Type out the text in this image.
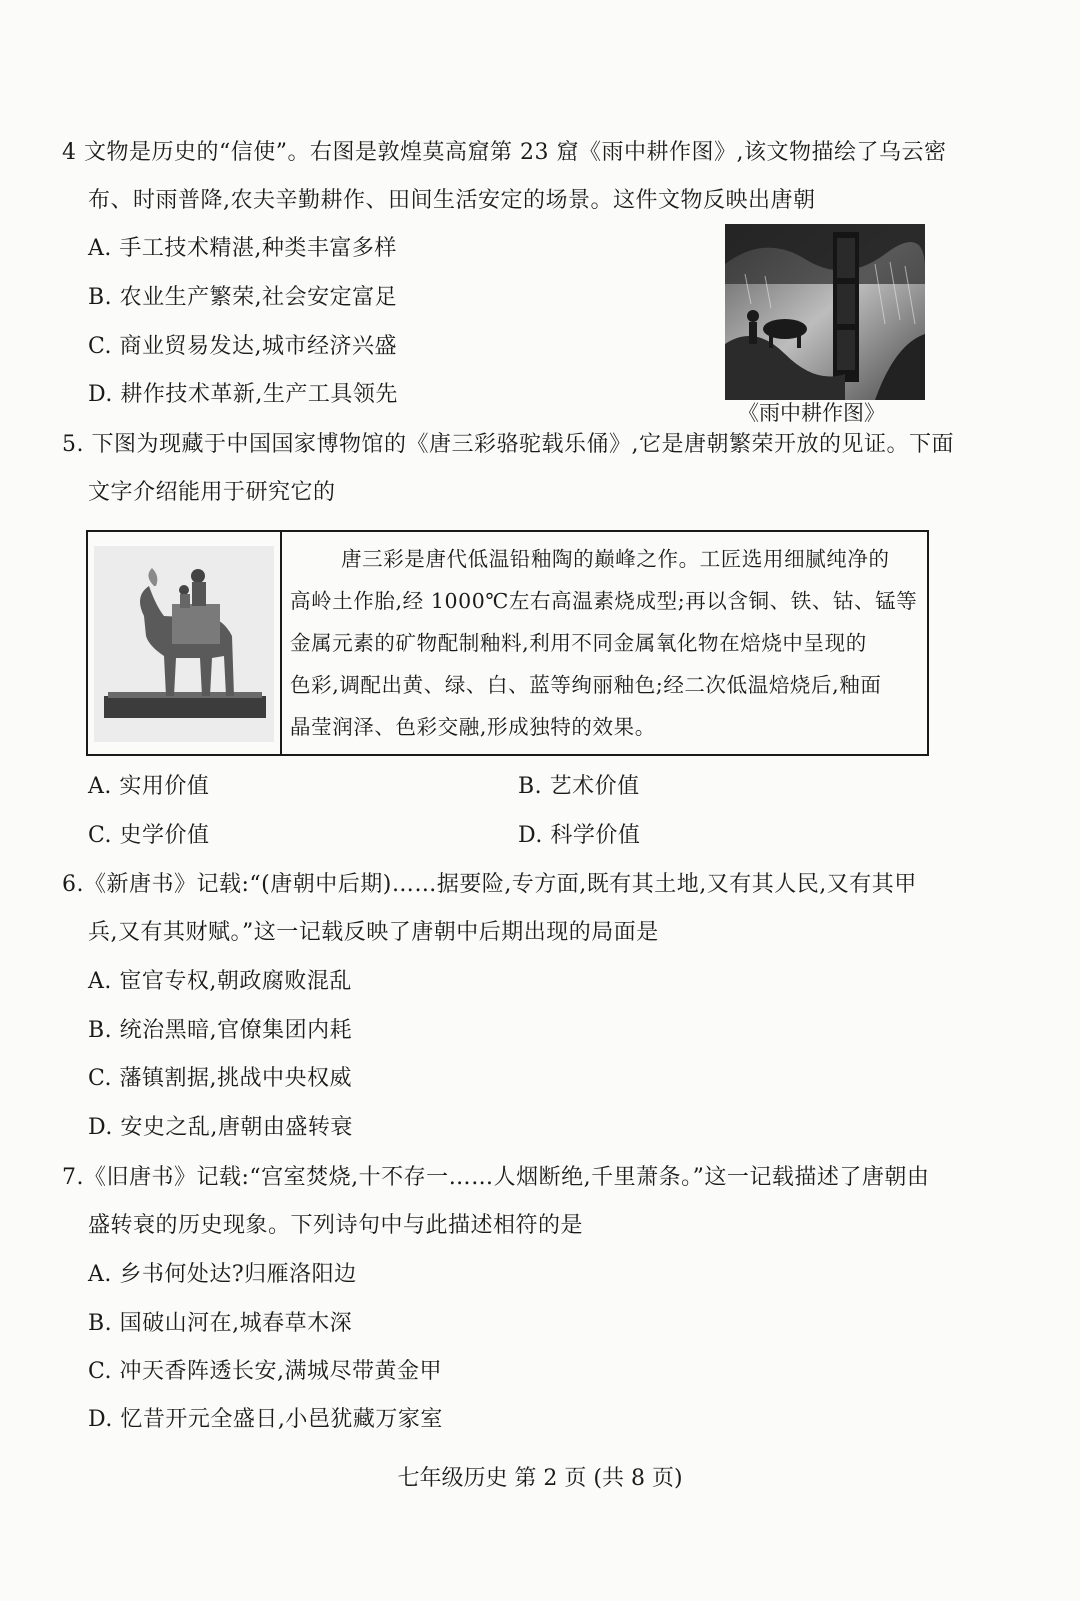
4 文物是历史的“信使”。右图是敦煌莫高窟第 23 窟《雨中耕作图》,该文物描绘了乌云密
布、时雨普降,农夫辛勤耕作、田间生活安定的场景。这件文物反映出唐朝
A. 手工技术精湛,种类丰富多样
B. 农业生产繁荣,社会安定富足
C. 商业贸易发达,城市经济兴盛
D. 耕作技术革新,生产工具领先
《雨中耕作图》
5. 下图为现藏于中国国家博物馆的《唐三彩骆驼载乐俑》,它是唐朝繁荣开放的见证。下面
文字介绍能用于研究它的
唐三彩是唐代低温铅釉陶的巅峰之作。工匠选用细腻纯净的
高岭土作胎,经 1000℃左右高温素烧成型;再以含铜、铁、钴、锰等
金属元素的矿物配制釉料,利用不同金属氧化物在焙烧中呈现的
色彩,调配出黄、绿、白、蓝等绚丽釉色;经二次低温焙烧后,釉面
晶莹润泽、色彩交融,形成独特的效果。
A. 实用价值	B. 艺术价值
C. 史学价值	D. 科学价值
6.《新唐书》记载:“(唐朝中后期)……据要险,专方面,既有其土地,又有其人民,又有其甲
兵,又有其财赋。”这一记载反映了唐朝中后期出现的局面是
A. 宦官专权,朝政腐败混乱
B. 统治黑暗,官僚集团内耗
C. 藩镇割据,挑战中央权威
D. 安史之乱,唐朝由盛转衰
7.《旧唐书》记载:“宫室焚烧,十不存一……人烟断绝,千里萧条。”这一记载描述了唐朝由
盛转衰的历史现象。下列诗句中与此描述相符的是
A. 乡书何处达?归雁洛阳边
B. 国破山河在,城春草木深
C. 冲天香阵透长安,满城尽带黄金甲
D. 忆昔开元全盛日,小邑犹藏万家室
七年级历史 第 2 页 (共 8 页)
